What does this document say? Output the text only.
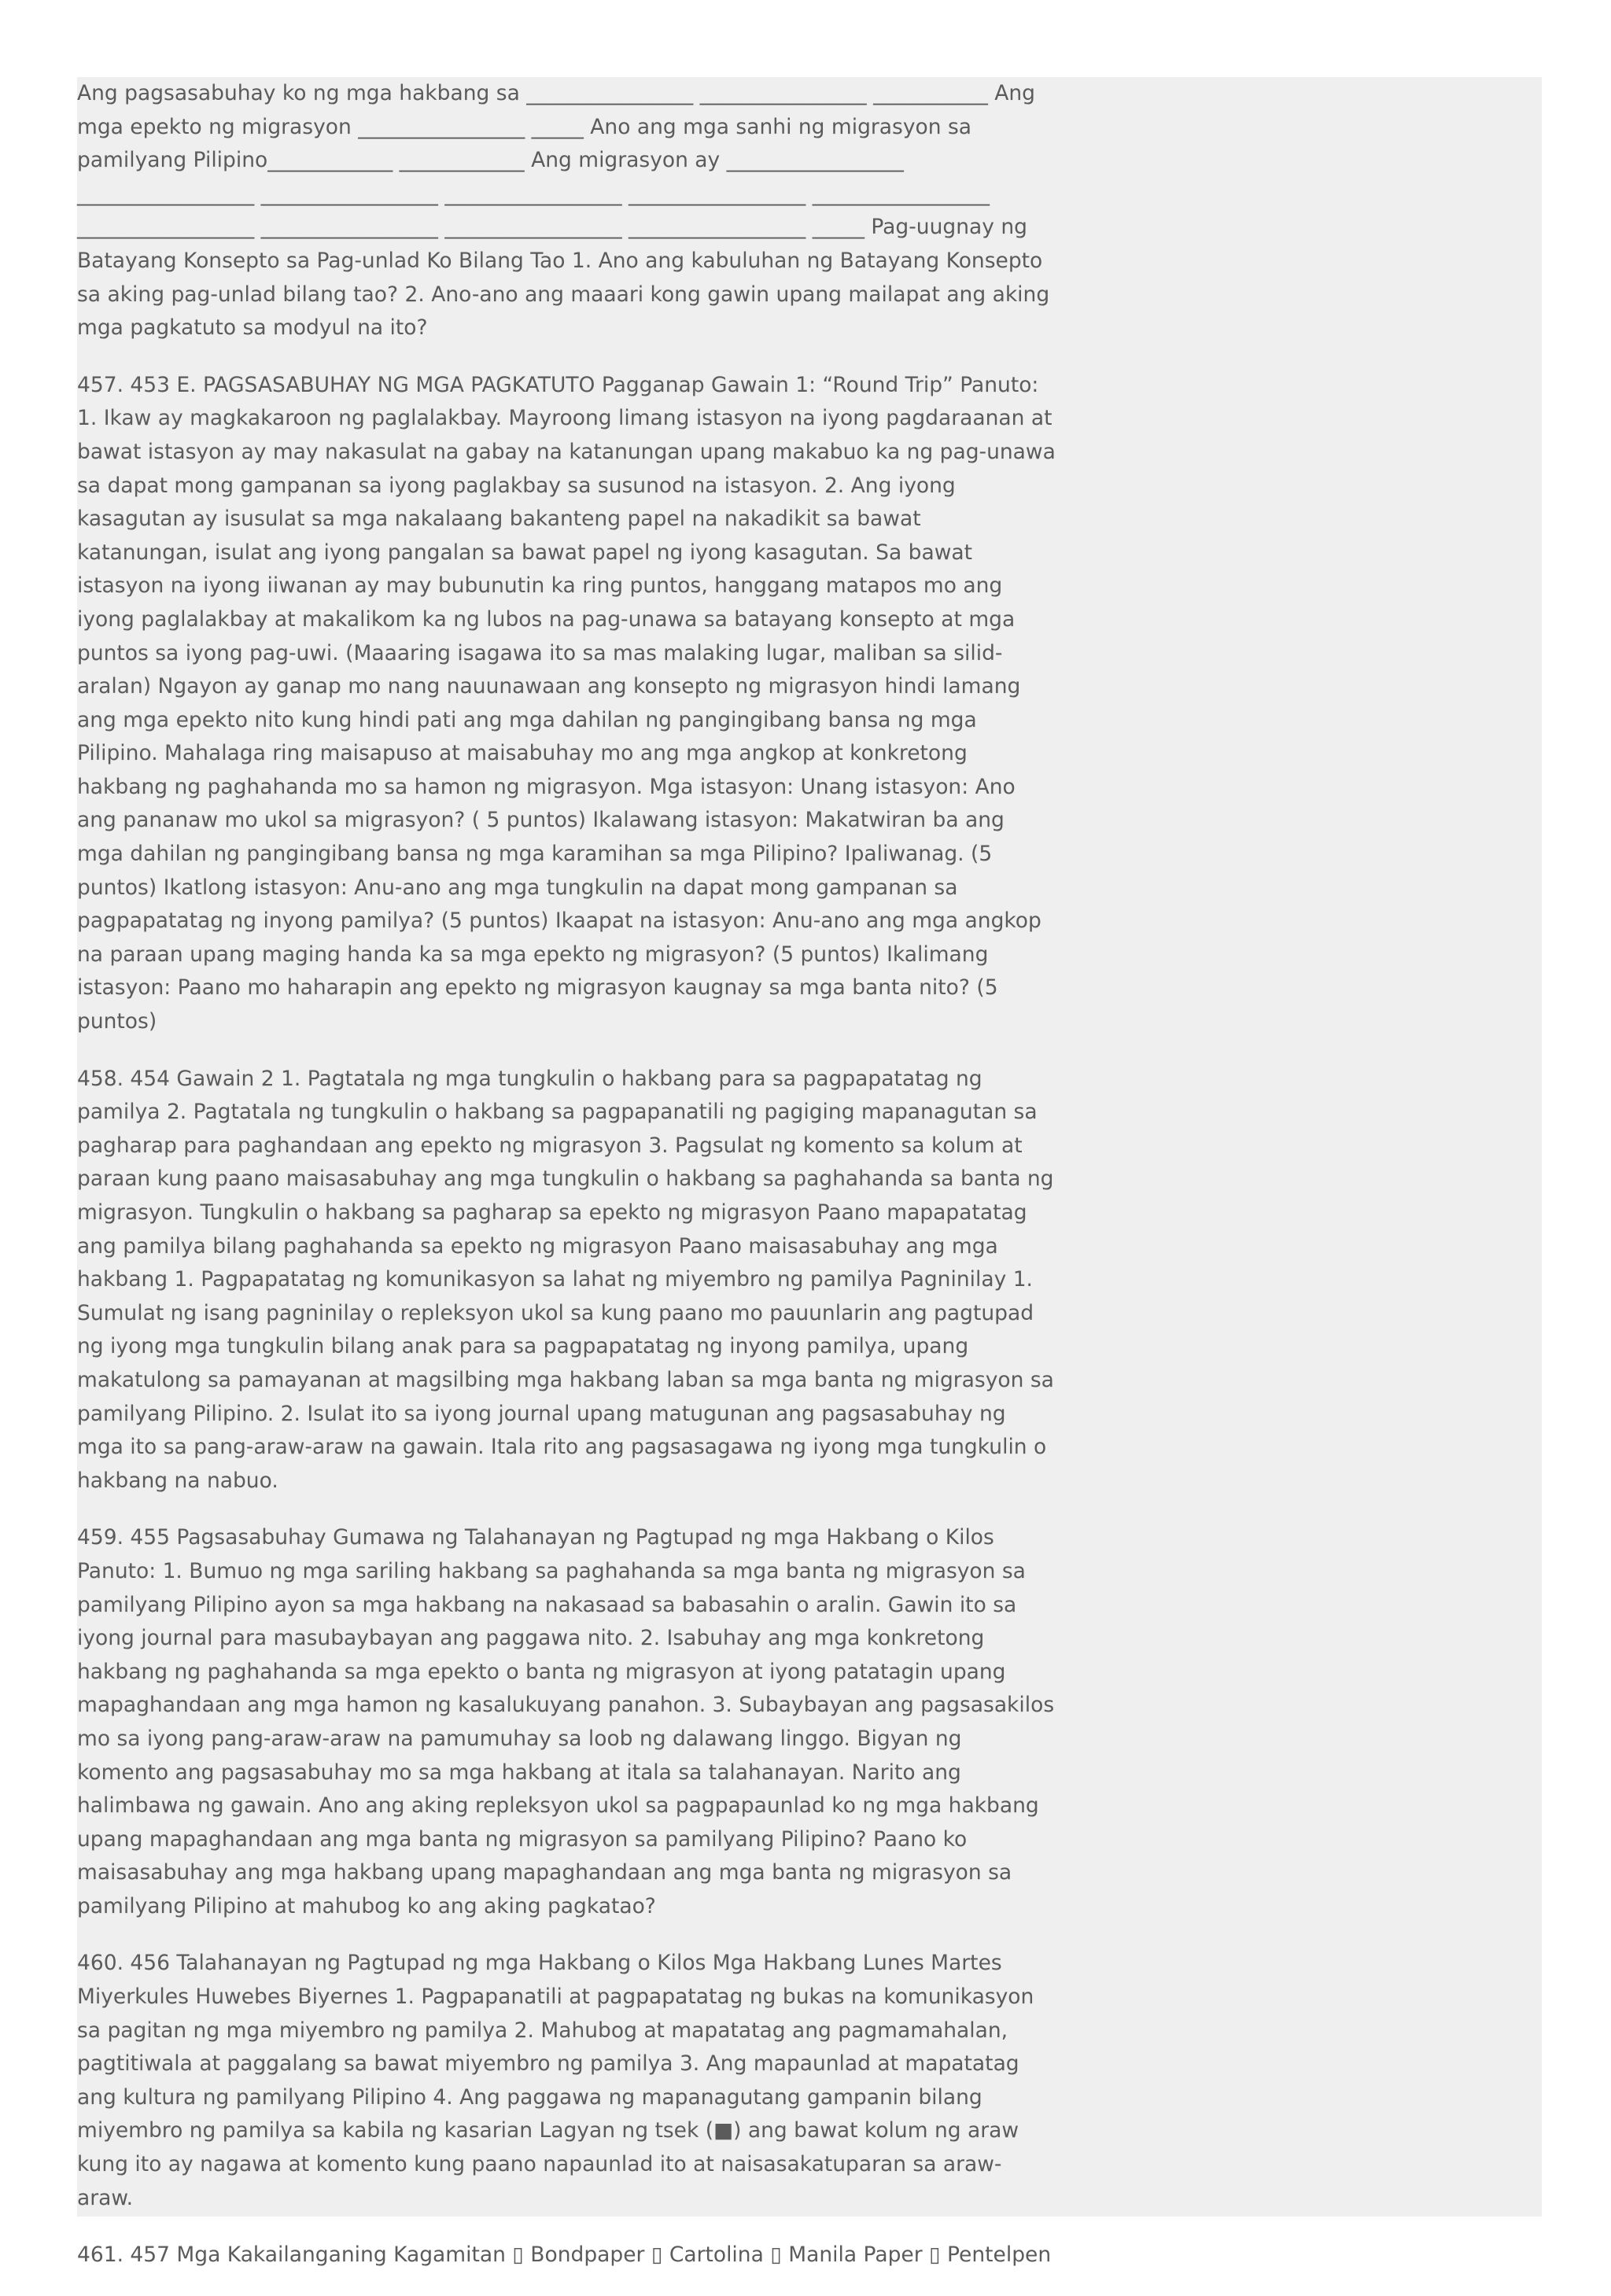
Ang pagsasabuhay ko ng mga hakbang sa ________________ ________________ ___________ Ang mga epekto ng migrasyon ________________ _____ Ano ang mga sanhi ng migrasyon sa pamilyang Pilipino____________ ____________ Ang migrasyon ay _________________ _________________ _________________ _________________ _________________ _________________ _________________ _________________ _________________ _________________ _____ Pag-uugnay ng Batayang Konsepto sa Pag-unlad Ko Bilang Tao 1. Ano ang kabuluhan ng Batayang Konsepto sa aking pag-unlad bilang tao? 2. Ano-ano ang maaari kong gawin upang mailapat ang aking mga pagkatuto sa modyul na ito?

457. 453 E. PAGSASABUHAY NG MGA PAGKATUTO Pagganap Gawain 1: “Round Trip” Panuto: 1. Ikaw ay magkakaroon ng paglalakbay. Mayroong limang istasyon na iyong pagdaraanan at bawat istasyon ay may nakasulat na gabay na katanungan upang makabuo ka ng pag-unawa sa dapat mong gampanan sa iyong paglakbay sa susunod na istasyon. 2. Ang iyong kasagutan ay isusulat sa mga nakalaang bakanteng papel na nakadikit sa bawat katanungan, isulat ang iyong pangalan sa bawat papel ng iyong kasagutan. Sa bawat istasyon na iyong iiwanan ay may bubunutin ka ring puntos, hanggang matapos mo ang iyong paglalakbay at makalikom ka ng lubos na pag-unawa sa batayang konsepto at mga puntos sa iyong pag-uwi. (Maaaring isagawa ito sa mas malaking lugar, maliban sa silid-aralan) Ngayon ay ganap mo nang nauunawaan ang konsepto ng migrasyon hindi lamang ang mga epekto nito kung hindi pati ang mga dahilan ng pangingibang bansa ng mga Pilipino. Mahalaga ring maisapuso at maisabuhay mo ang mga angkop at konkretong hakbang ng paghahanda mo sa hamon ng migrasyon. Mga istasyon: Unang istasyon: Ano ang pananaw mo ukol sa migrasyon? ( 5 puntos) Ikalawang istasyon: Makatwiran ba ang mga dahilan ng pangingibang bansa ng mga karamihan sa mga Pilipino? Ipaliwanag. (5 puntos) Ikatlong istasyon: Anu-ano ang mga tungkulin na dapat mong gampanan sa pagpapatatag ng inyong pamilya? (5 puntos) Ikaapat na istasyon: Anu-ano ang mga angkop na paraan upang maging handa ka sa mga epekto ng migrasyon? (5 puntos) Ikalimang istasyon: Paano mo haharapin ang epekto ng migrasyon kaugnay sa mga banta nito? (5 puntos)

458. 454 Gawain 2 1. Pagtatala ng mga tungkulin o hakbang para sa pagpapatatag ng pamilya 2. Pagtatala ng tungkulin o hakbang sa pagpapanatili ng pagiging mapanagutan sa pagharap para paghandaan ang epekto ng migrasyon 3. Pagsulat ng komento sa kolum at paraan kung paano maisasabuhay ang mga tungkulin o hakbang sa paghahanda sa banta ng migrasyon. Tungkulin o hakbang sa pagharap sa epekto ng migrasyon Paano mapapatatag ang pamilya bilang paghahanda sa epekto ng migrasyon Paano maisasabuhay ang mga hakbang 1. Pagpapatatag ng komunikasyon sa lahat ng miyembro ng pamilya Pagninilay 1. Sumulat ng isang pagninilay o repleksyon ukol sa kung paano mo pauunlarin ang pagtupad ng iyong mga tungkulin bilang anak para sa pagpapatatag ng inyong pamilya, upang makatulong sa pamayanan at magsilbing mga hakbang laban sa mga banta ng migrasyon sa pamilyang Pilipino. 2. Isulat ito sa iyong journal upang matugunan ang pagsasabuhay ng mga ito sa pang-araw-araw na gawain. Itala rito ang pagsasagawa ng iyong mga tungkulin o hakbang na nabuo.

459. 455 Pagsasabuhay Gumawa ng Talahanayan ng Pagtupad ng mga Hakbang o Kilos Panuto: 1. Bumuo ng mga sariling hakbang sa paghahanda sa mga banta ng migrasyon sa pamilyang Pilipino ayon sa mga hakbang na nakasaad sa babasahin o aralin. Gawin ito sa iyong journal para masubaybayan ang paggawa nito. 2. Isabuhay ang mga konkretong hakbang ng paghahanda sa mga epekto o banta ng migrasyon at iyong patatagin upang mapaghandaan ang mga hamon ng kasalukuyang panahon. 3. Subaybayan ang pagsasakilos mo sa iyong pang-araw-araw na pamumuhay sa loob ng dalawang linggo. Bigyan ng komento ang pagsasabuhay mo sa mga hakbang at itala sa talahanayan. Narito ang halimbawa ng gawain. Ano ang aking repleksyon ukol sa pagpapaunlad ko ng mga hakbang upang mapaghandaan ang mga banta ng migrasyon sa pamilyang Pilipino? Paano ko maisasabuhay ang mga hakbang upang mapaghandaan ang mga banta ng migrasyon sa pamilyang Pilipino at mahubog ko ang aking pagkatao?

460. 456 Talahanayan ng Pagtupad ng mga Hakbang o Kilos Mga Hakbang Lunes Martes Miyerkules Huwebes Biyernes 1. Pagpapanatili at pagpapatatag ng bukas na komunikasyon sa pagitan ng mga miyembro ng pamilya 2. Mahubog at mapatatag ang pagmamahalan, pagtitiwala at paggalang sa bawat miyembro ng pamilya 3. Ang mapaunlad at mapatatag ang kultura ng pamilyang Pilipino 4. Ang paggawa ng mapanagutang gampanin bilang miyembro ng pamilya sa kabila ng kasarian Lagyan ng tsek (■) ang bawat kolum ng araw kung ito ay nagawa at komento kung paano napaunlad ito at naisasakatuparan sa araw-araw.

461. 457 Mga Kakailanganing Kagamitan ▯ Bondpaper ▯ Cartolina ▯ Manila Paper ▯ Pentelpen
